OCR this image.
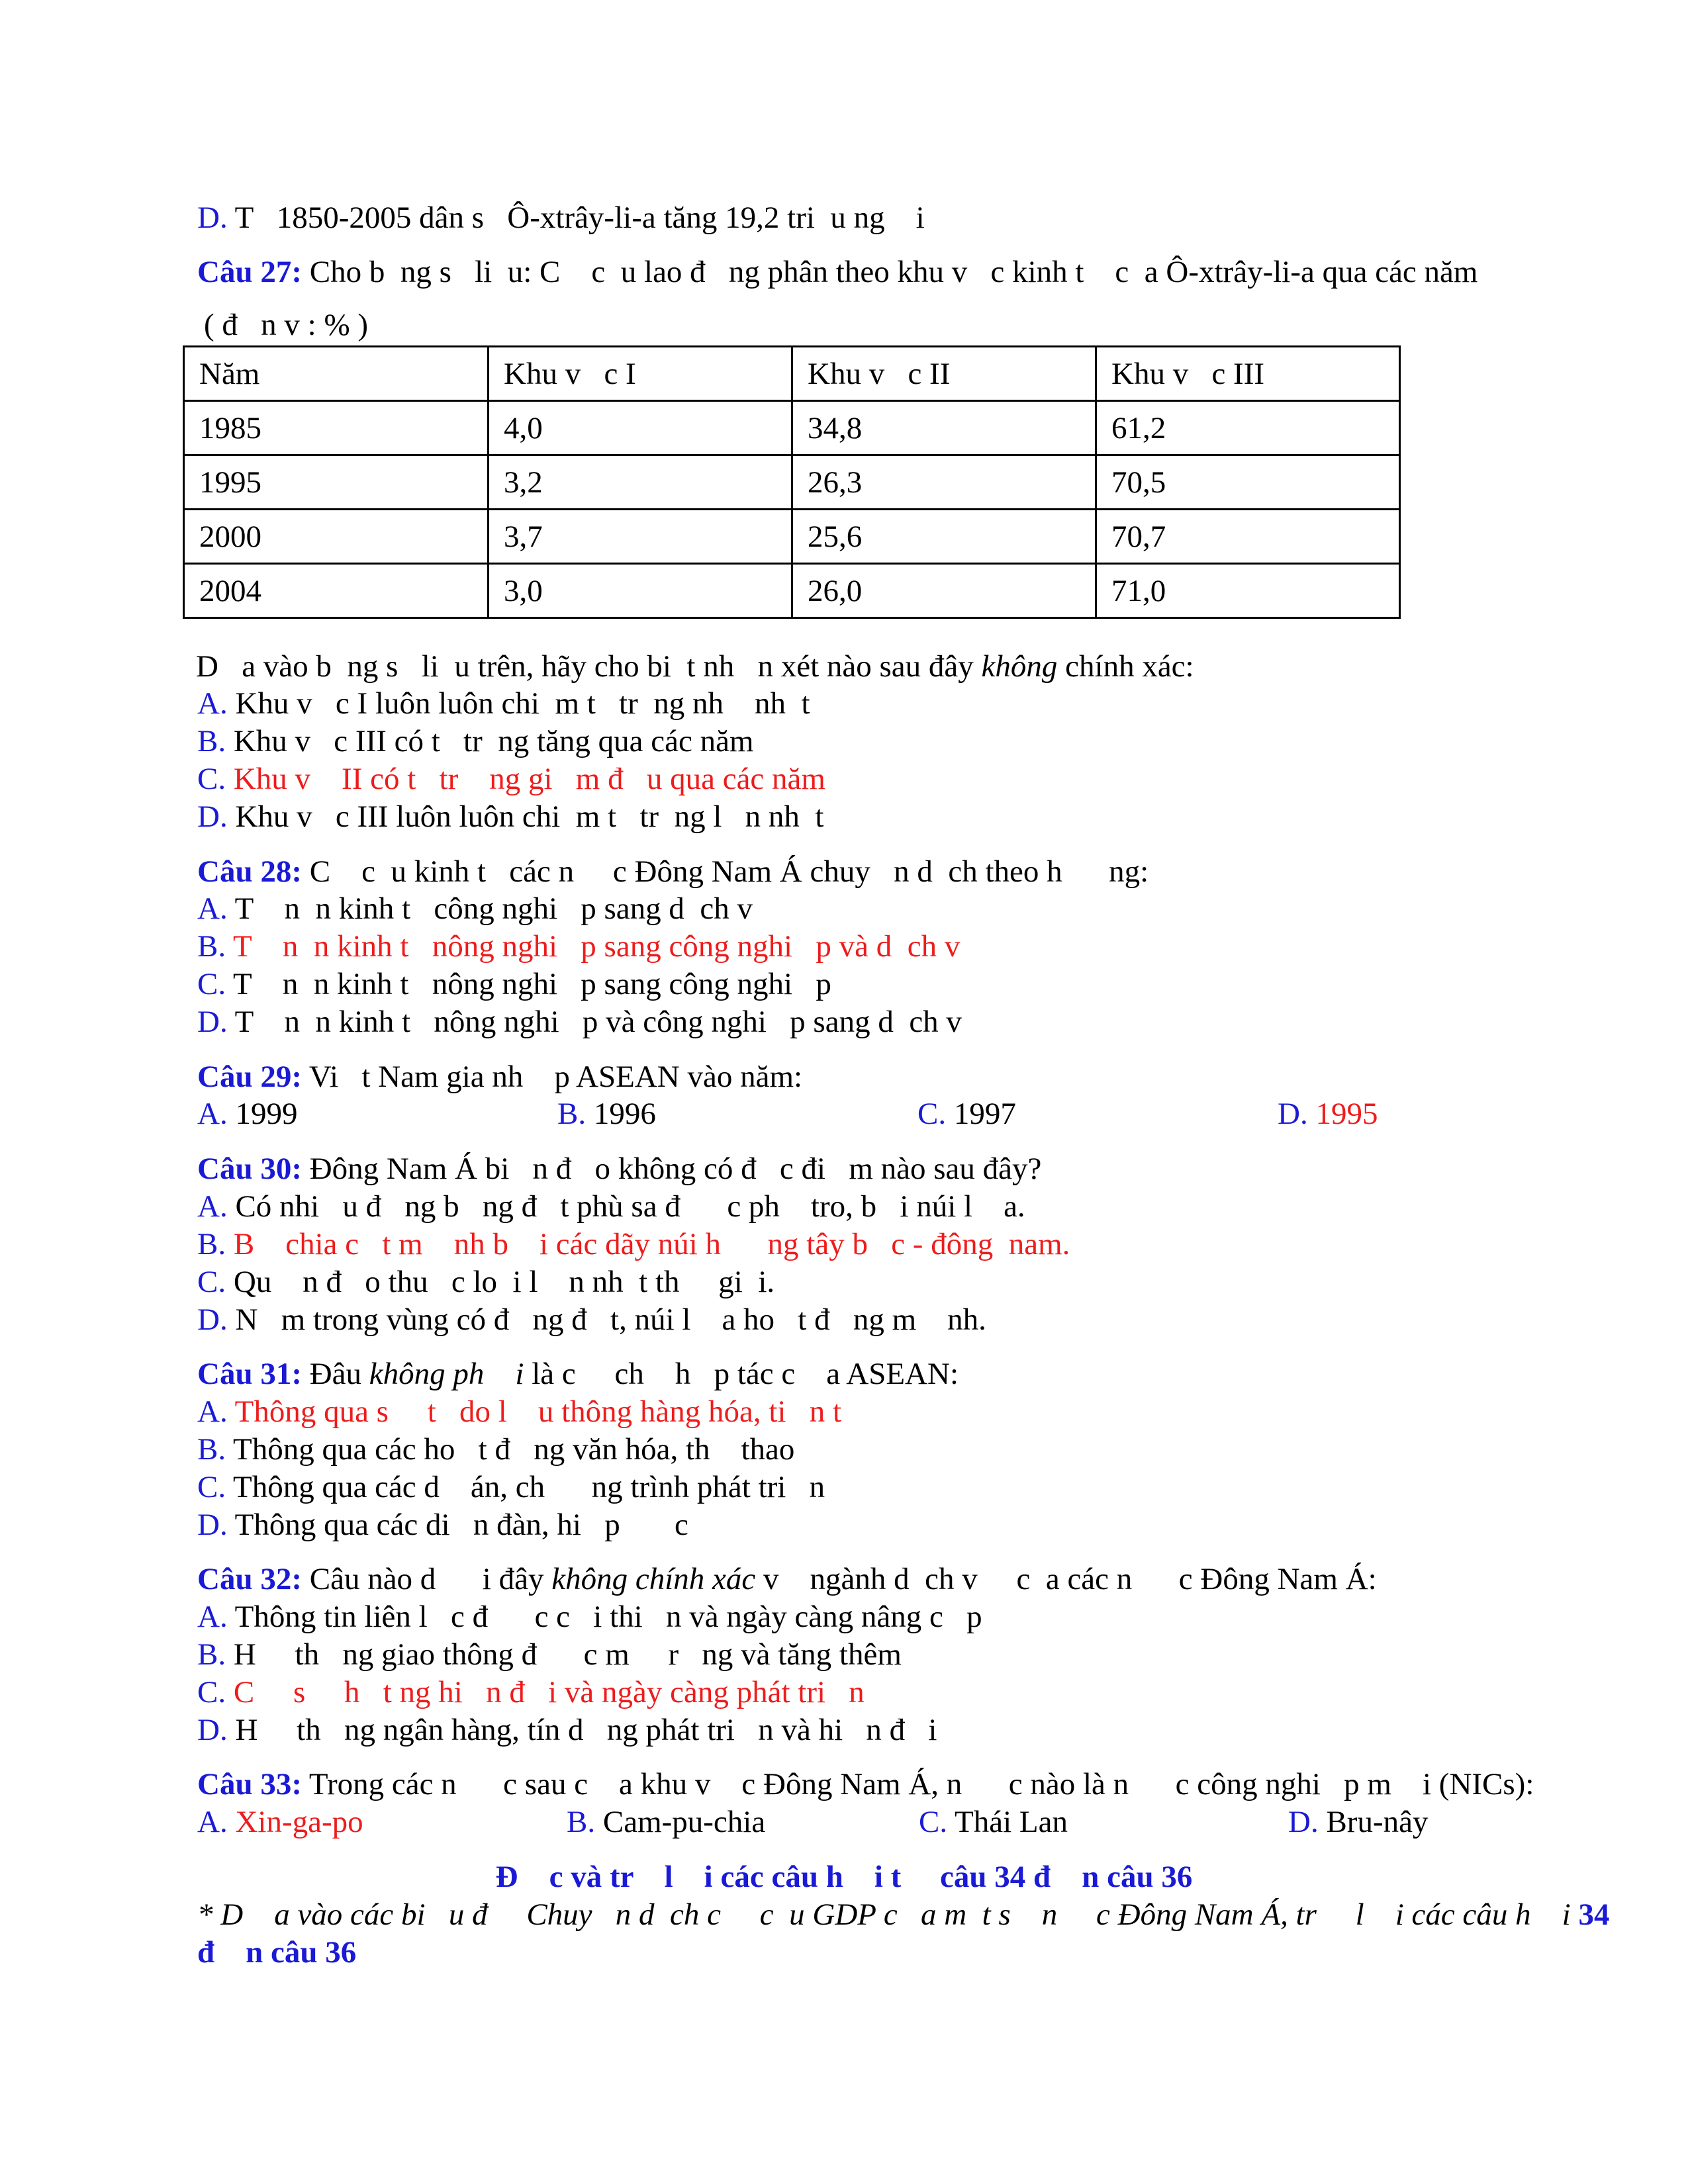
D. T   1850-2005 dân s   Ô-xtrây-li-a tăng 19,2 tri  u ng    i
Câu 27: Cho b  ng s   li  u: C    c  u lao đ   ng phân theo khu v   c kinh t    c  a Ô-xtrây-li-a qua các năm
( đ   n v : % )
Năm	Khu v   c I	Khu v   c II	Khu v   c III
1985	4,0	34,8	61,2
1995	3,2	26,3	70,5
2000	3,7	25,6	70,7
2004	3,0	26,0	71,0
D   a vào b  ng s   li  u trên, hãy cho bi  t nh   n xét nào sau đây không chính xác:
A. Khu v   c I luôn luôn chi  m t   tr  ng nh    nh  t
B. Khu v   c III có t   tr  ng tăng qua các năm
C. Khu v    II có t   tr    ng gi   m đ   u qua các năm
D. Khu v   c III luôn luôn chi  m t   tr  ng l   n nh  t
Câu 28: C    c  u kinh t   các n     c Đông Nam Á chuy   n d  ch theo h      ng:
A. T    n  n kinh t   công nghi   p sang d  ch v
B. T    n  n kinh t   nông nghi   p sang công nghi   p và d  ch v
C. T    n  n kinh t   nông nghi   p sang công nghi   p
D. T    n  n kinh t   nông nghi   p và công nghi   p sang d  ch v
Câu 29: Vi   t Nam gia nh    p ASEAN vào năm:
A. 1999	B. 1996	C. 1997	D. 1995
Câu 30: Đông Nam Á bi   n đ   o không có đ   c đi   m nào sau đây?
A. Có nhi   u đ   ng b   ng đ   t phù sa đ      c ph    tro, b   i núi l    a.
B. B    chia c   t m    nh b    i các dãy núi h      ng tây b   c - đông  nam.
C. Qu    n đ   o thu   c lo  i l    n nh  t th     gi  i.
D. N   m trong vùng có đ   ng đ   t, núi l    a ho   t đ   ng m    nh.
Câu 31: Đâu không ph    i là c     ch    h   p tác c    a ASEAN:
A. Thông qua s     t   do l    u thông hàng hóa, ti   n t
B. Thông qua các ho   t đ   ng văn hóa, th    thao
C. Thông qua các d    án, ch      ng trình phát tri   n
D. Thông qua các di   n đàn, hi   p       c
Câu 32: Câu nào d      i đây không chính xác v    ngành d  ch v     c  a các n      c Đông Nam Á:
A. Thông tin liên l   c đ      c c   i thi   n và ngày càng nâng c   p
B. H     th   ng giao thông đ      c m     r   ng và tăng thêm
C. C     s     h   t ng hi   n đ   i và ngày càng phát tri   n
D. H     th   ng ngân hàng, tín d   ng phát tri   n và hi   n đ   i
Câu 33: Trong các n      c sau c    a khu v    c Đông Nam Á, n      c nào là n      c công nghi   p m    i (NICs):
A. Xin-ga-po	B. Cam-pu-chia	C. Thái Lan	D. Bru-nây
Đ    c và tr    l    i các câu h    i t     câu 34 đ    n câu 36
* D    a vào các bi   u đ     Chuy   n d  ch c     c  u GDP c   a m  t s    n     c Đông Nam Á, tr     l    i các câu h    i 34
đ    n câu 36
